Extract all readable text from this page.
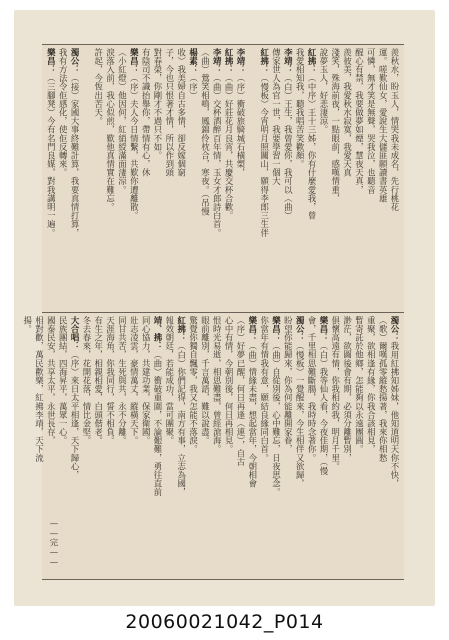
羨秋水，盼玉人，情哭我未成名，先行桃花
運。嗟歎仙女，愛說生大儲匪願讀書英雄
可憐，無才笑是無聲，哭我泣，也聽音
醒心有禁，我要做夢如煙，慧夜天真，
羨彼美，我愛秋水寂寞，我愛天真
淺笑，殊海前夜，一點眼前，感嘆情重，
說夢玉人，好悲淒涼。
紅拂：（中序）王十三姊，你有什麼愛我，曾
我愛相知我，聽我唱苦笑歡顏。
李靖：（白）王生，我曾愛你，我可以（曲）
傳家世人為官一世，我要學習一個大
紅拂：（慢板）今宵明月照關山，願得李郎三生伴
李靖：（序）衝破旅騎城石橫槊，
紅拂：（曲）好莊花月良宵，共慶交杯合歡。
李靖：（曲）交杯酒醉百年情，玉女才郎詩白首。
（曲）鶯笑相鳴，鳳錦伶枕合，寒夜。（吊慢
楊素：（序）
收）我美婦自古多情，卻反嫁個窮
子，今也只恨著才情，所以作到頭
對春榮，你剛才不過只不如。
有陰司不識抬舉你，帶情有心，休
樂昌：（序）夫人今日情繫，共歎你遭離散。
（小紅燈）他因何，紅綃綬滿面淒涼。
淚落入前，我心似煎，歎他真情實在難忘。
許起，今恆出苦天。
濁公：（接）家國大事終難計算，我要真情打算，
我有方法令佢感化，使佢反轉來。
樂昌：（三腳凳）今有名門良媒，對我講明一遍。
濁公：我用紅拂知姊妹，他知道明天你不快，
（歌）爾嘆孤零縱愁揚著，我來你相愁
重聚，欲相逢有緣，你我合該相見，
暫寄託於他鄉，怎能夠以永遠團圓。
渺茫，欲圖後會有期，必須分離暫別，
俱懷高遠有情，你我相約我，明月千里。
樂昌：（白）我等仙人看，今夜佳期，（慢
會，千里相思難斷腸，我時時念著你。
濁公：（慢板）一覺醒來，今生相伴又欲歸，
盼望你能歸來，你為何能離開家眷，
樂昌：（曲）自從別後，心中難忘，日夜思念。
你當年有情我有意，願結良緣同白首。
樂昌：（曲）情緣未盡，想起當年，今朝相會
（序）好夢已醒，何日再逢（連），自古
心中有情，今朝別後，何日再相見。
恨時光易逝，相思難盡，曾經滄海。
眼前離別，千言萬語，難以說盡。
驚覺你獨自飄零，我又怎能不落淚。
紅拂：（白）你們記得，南方有事，立志為國，
報效朝廷，若能成功，當可團聚。
靖、拂：（曲）衝破重圍，不論艱難，勇往直前
同心協力，共建功業，保家衛國。
壯志凌雲，豪情萬丈，縱橫天下。
同甘共苦，生死與共，永不分離。
天涯海角，你我同行，誓不相負。
有生之年，相親相愛，白頭偕老。
冬去春來，花開花落，情比金堅。
大合唱：（序）來日太平相逢，天下歸心，
民族團結，四海昇平，萬眾一心。
國泰民安，共享太平，永世長存，
相對歡，萬民歡樂，紅拂李靖，天下流
揚。
——完——
20060021042_P014
